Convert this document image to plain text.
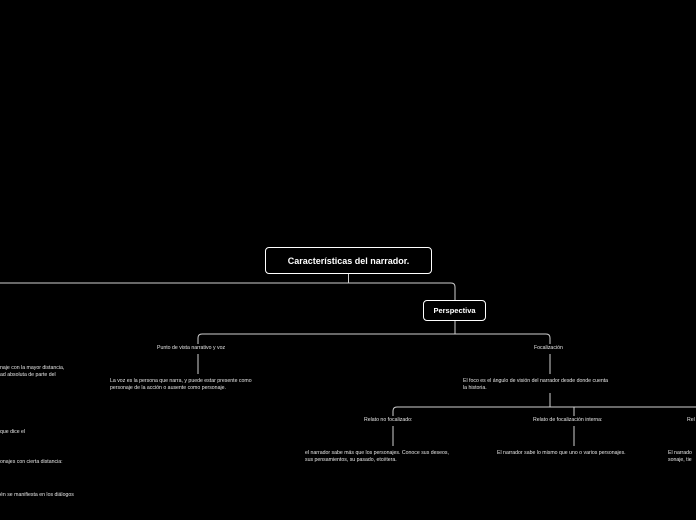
Características del narrador.
Perspectiva
Punto de vista narrativo y voz
La voz es la persona que narra, y puede estar presente como
personaje de la acción o ausente como personaje.
Focalización
El foco es el ángulo de visión del narrador desde donde cuenta
la historia.
Relato no focalizado:
el narrador sabe más que los personajes. Conoce sus deseos,
sus pensamientos, su pasado, etcétera.
Relato de focalización interna:
El narrador sabe lo mismo que uno o varios personajes.
Rel
El narrado
sonaje, tie
naje con la mayor distancia,
ad absoluta de parte del
que dice el
onajes con cierta distancia:
én se manifiesta en los diálogos
